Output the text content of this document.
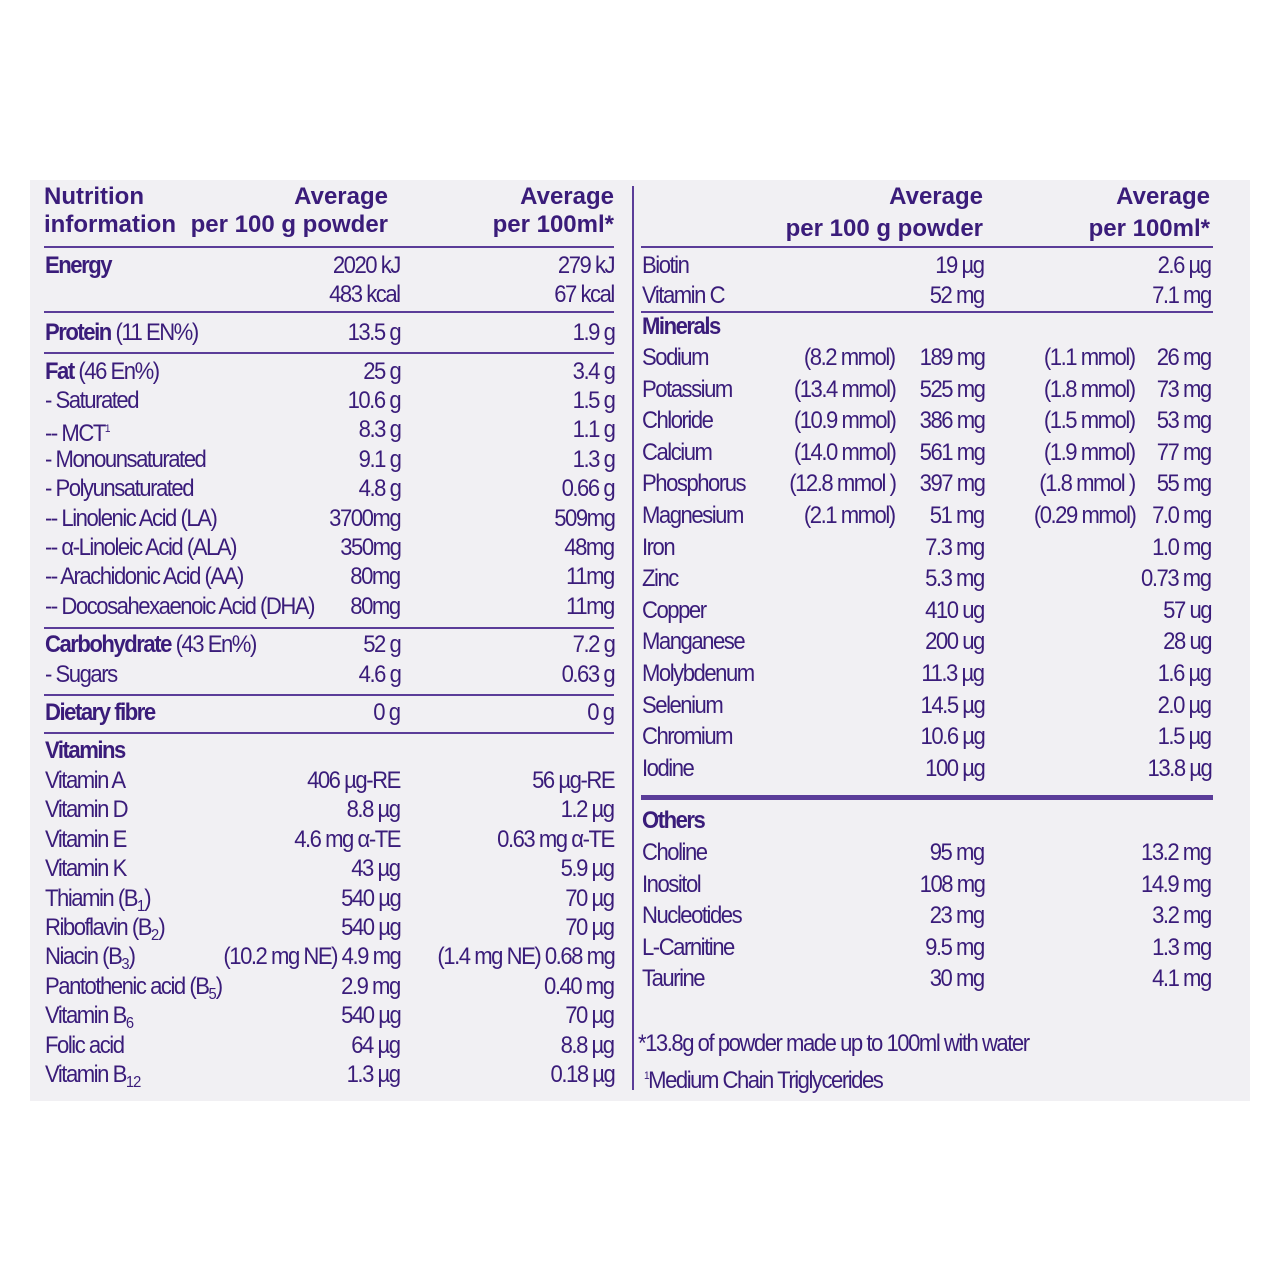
Nutrition
information
Average
per 100 g powder
Average
per 100ml*
Average
per 100 g powder
Average
per 100ml*
Energy	2020 kJ	279 kJ
483 kcal	67 kcal
Protein (11 EN%)	13.5 g	1.9 g
Fat (46 En%)	25 g	3.4 g
- Saturated	10.6 g	1.5 g
-- MCT$^1$	8.3 g	1.1 g
- Monounsaturated	9.1 g	1.3 g
- Polyunsaturated	4.8 g	0.66 g
-- Linolenic Acid (LA)	3700mg	509mg
-- α-Linoleic Acid (ALA)	350mg	48mg
-- Arachidonic Acid (AA)	80mg	11mg
-- Docosahexaenoic Acid (DHA) 80mg	11mg
Carbohydrate (43 En%)	52 g	7.2 g
- Sugars	4.6 g	0.63 g
Dietary fibre	0 g	0 g
Vitamins
Vitamin A	406 µg-RE	56 µg-RE
Vitamin D	8.8 µg	1.2 µg
Vitamin E	4.6 mg α-TE	0.63 mg α-TE
Vitamin K	43 µg	5.9 µg
Thiamin $(B_1)$	540 µg	70 µg
Riboflavin $(B_2)$	540 µg	70 µg
Niacin $(B_3)$	(10.2 mg NE) 4.9 mg (1.4 mg NE) 0.68 mg
Pantothenic acid $(B_5)$	2.9 mg	0.40 mg
Vitamin $B_6$	540 µg	70 µg
Folic acid	64 µg	8.8 µg
Vitamin $B_{12}$	1.3 µg	0.18 µg
Biotin	19 µg	2.6 µg
Vitamin C	52 mg	7.1 mg
Minerals
Sodium	(8.2 mmol) 189 mg	(1.1 mmol) 26 mg
Potassium	(13.4 mmol) 525 mg	(1.8 mmol) 73 mg
Chloride	(10.9 mmol) 386 mg	(1.5 mmol) 53 mg
Calcium	(14.0 mmol) 561 mg	(1.9 mmol) 77 mg
Phosphorus (12.8 mmol ) 397 mg (1.8 mmol ) 55 mg
Magnesium	(2.1 mmol) 51 mg (0.29 mmol) 7.0 mg
Iron	7.3 mg	1.0 mg
Zinc	5.3 mg	0.73 mg
Copper	410 ug	57 ug
Manganese	200 ug	28 ug
Molybdenum	11.3 µg	1.6 µg
Selenium	14.5 µg	2.0 µg
Chromium	10.6 µg	1.5 µg
Iodine	100 µg	13.8 µg
Others
Choline	95 mg	13.2 mg
Inositol	108 mg	14.9 mg
Nucleotides	23 mg	3.2 mg
L-Carnitine	9.5 mg	1.3 mg
Taurine	30 mg	4.1 mg
*13.8g of powder made up to 100ml with water
$^1$Medium Chain Triglycerides
